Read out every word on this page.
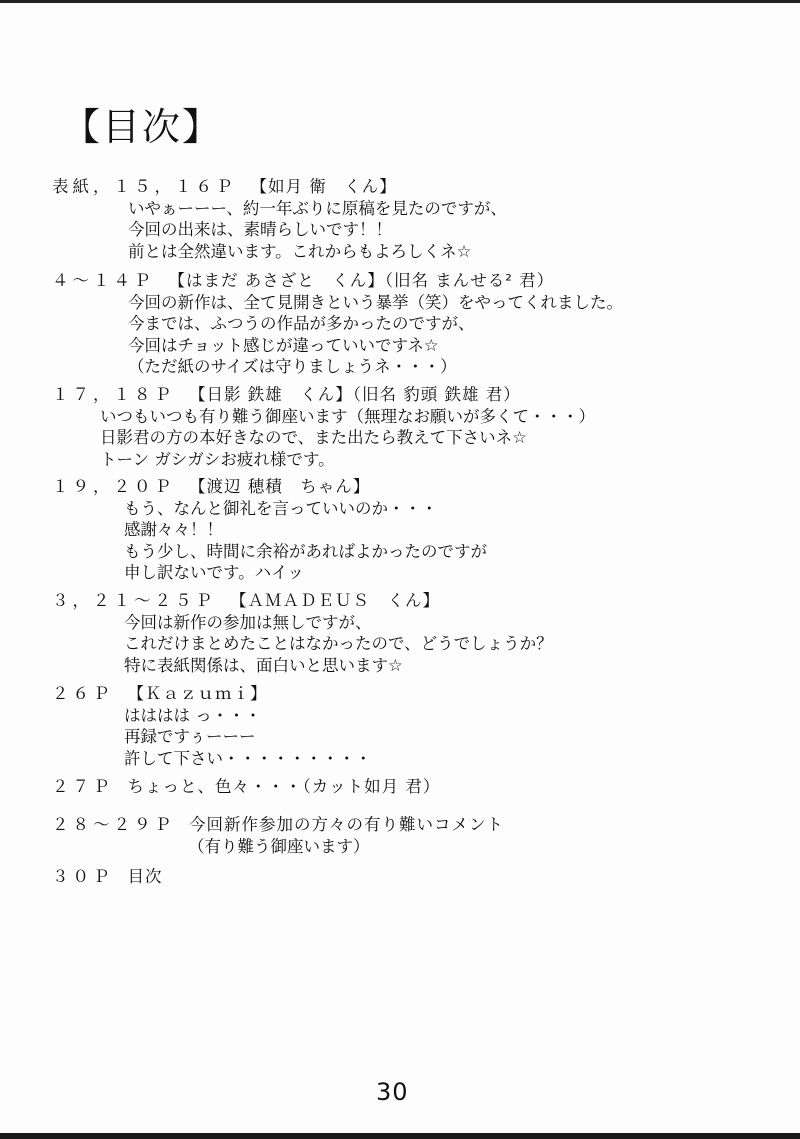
【目次】
表紙，１５，１６Ｐ 【如月 衛　くん】
いやぁーーー、約一年ぶりに原稿を見たのですが、
今回の出来は、素晴らしいです！！
前とは全然違います。これからもよろしくネ☆
４～１４Ｐ 【はまだ あさざと　くん】（旧名 まんせる² 君）
今回の新作は、全て見開きという暴挙（笑）をやってくれました。
今までは、ふつうの作品が多かったのですが、
今回はチョット感じが違っていいですネ☆
（ただ紙のサイズは守りましょうネ・・・）
１７，１８Ｐ 【日影 鉄雄　くん】（旧名 豹頭 鉄雄 君）
いつもいつも有り難う御座います（無理なお願いが多くて・・・）
日影君の方の本好きなので、また出たら教えて下さいネ☆
トーン ガシガシお疲れ様です。
１９，２０Ｐ 【渡辺 穂積　ちゃん】
もう、なんと御礼を言っていいのか・・・
感謝々々！！
もう少し、時間に余裕があればよかったのですが
申し訳ないです。ハイッ
３，２１～２５Ｐ 【ＡＭＡＤＥＵＳ　くん】
今回は新作の参加は無しですが、
これだけまとめたことはなかったので、どうでしょうか？
特に表紙関係は、面白いと思います☆
２６Ｐ 【Ｋａｚｕｍｉ】
はははは っ・・・
再録ですぅーーー
許して下さい・・・・・・・・・
２７Ｐ ちょっと、色々・・・（カット如月 君）
２８～２９Ｐ 今回新作参加の方々の有り難いコメント
（有り難う御座います）
３０Ｐ 目次
30
